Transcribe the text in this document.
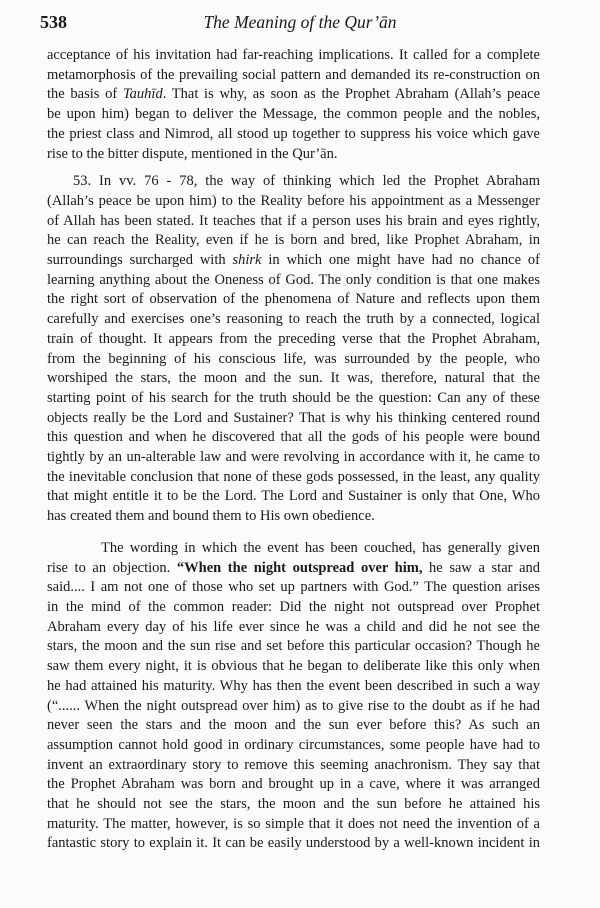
538	The Meaning of the Qur’ān
acceptance of his invitation had far-reaching implications. It called for a complete
metamorphosis of the prevailing social pattern and demanded its re-construction on
the basis of Tauhīd. That is why, as soon as the Prophet Abraham (Allah’s peace
be upon him) began to deliver the Message, the common people and the nobles,
the priest class and Nimrod, all stood up together to suppress his voice which gave
rise to the bitter dispute, mentioned in the Qur’ān.
53. In vv. 76 - 78, the way of thinking which led the Prophet Abraham
(Allah’s peace be upon him) to the Reality before his appointment as a Messenger
of Allah has been stated. It teaches that if a person uses his brain and eyes rightly,
he can reach the Reality, even if he is born and bred, like Prophet Abraham, in
surroundings surcharged with shirk in which one might have had no chance of
learning anything about the Oneness of God. The only condition is that one makes
the right sort of observation of the phenomena of Nature and reflects upon them
carefully and exercises one’s reasoning to reach the truth by a connected, logical
train of thought. It appears from the preceding verse that the Prophet Abraham,
from the beginning of his conscious life, was surrounded by the people, who
worshiped the stars, the moon and the sun. It was, therefore, natural that the
starting point of his search for the truth should be the question: Can any of these
objects really be the Lord and Sustainer? That is why his thinking centered round
this question and when he discovered that all the gods of his people were bound
tightly by an un-alterable law and were revolving in accordance with it, he came to
the inevitable conclusion that none of these gods possessed, in the least, any quality
that might entitle it to be the Lord. The Lord and Sustainer is only that One, Who
has created them and bound them to His own obedience.
The wording in which the event has been couched, has generally given
rise to an objection. “When the night outspread over him, he saw a star and
said.... I am not one of those who set up partners with God.” The question arises
in the mind of the common reader: Did the night not outspread over Prophet
Abraham every day of his life ever since he was a child and did he not see the
stars, the moon and the sun rise and set before this particular occasion? Though he
saw them every night, it is obvious that he began to deliberate like this only when
he had attained his maturity. Why has then the event been described in such a way
(“...... When the night outspread over him) as to give rise to the doubt as if he had
never seen the stars and the moon and the sun ever before this? As such an
assumption cannot hold good in ordinary circumstances, some people have had to
invent an extraordinary story to remove this seeming anachronism. They say that
the Prophet Abraham was born and brought up in a cave, where it was arranged
that he should not see the stars, the moon and the sun before he attained his
maturity. The matter, however, is so simple that it does not need the invention of a
fantastic story to explain it. It can be easily understood by a well-known incident in
